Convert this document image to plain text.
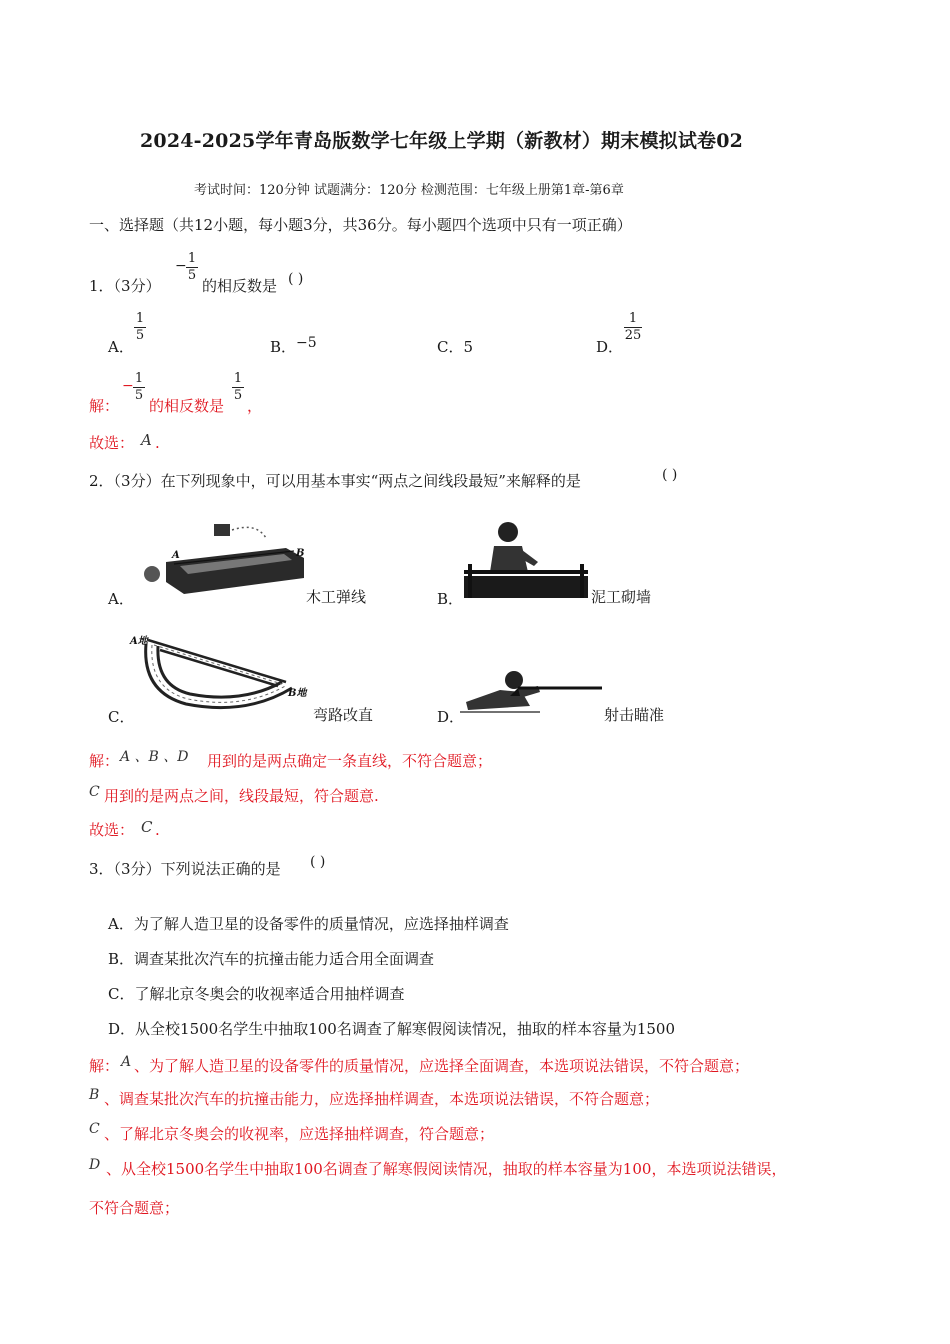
2024-2025学年青岛版数学七年级上学期（新教材）期末模拟试卷02
考试时间：120分钟 试题满分：120分 检测范围：七年级上册第1章-第6章
一、选择题（共12小题，每小题3分，共36分。每小题四个选项中只有一项正确）
1．（3分）
− 1
5
的相反数是 ( )
A．
1
5
B． −5	C．5	D．
1
25
解：
− 1
5
的相反数是
1
5
，
故选： A .
2．（3分）在下列现象中，可以用基本事实“两点之间线段最短”来解释的是	( )
A	B
A．	木工弹线	B．	泥工砌墙
A地
B地
C．	弯路改直	D．	射击瞄准
解： A 、B 、D 用到的是两点确定一条直线，不符合题意；
C 用到的是两点之间，线段最短，符合题意.
故选： C .
3．（3分）下列说法正确的是 ( )
A．为了解人造卫星的设备零件的质量情况，应选择抽样调查
B．调查某批次汽车的抗撞击能力适合用全面调查
C．了解北京冬奥会的收视率适合用抽样调查
D．从全校1500名学生中抽取100名调查了解寒假阅读情况，抽取的样本容量为1500
解： A 、为了解人造卫星的设备零件的质量情况，应选择全面调查，本选项说法错误，不符合题意；
B 、调查某批次汽车的抗撞击能力，应选择抽样调查，本选项说法错误，不符合题意；
C 、了解北京冬奥会的收视率，应选择抽样调查，符合题意；
D 、从全校1500名学生中抽取100名调查了解寒假阅读情况，抽取的样本容量为100，本选项说法错误，
不符合题意；
